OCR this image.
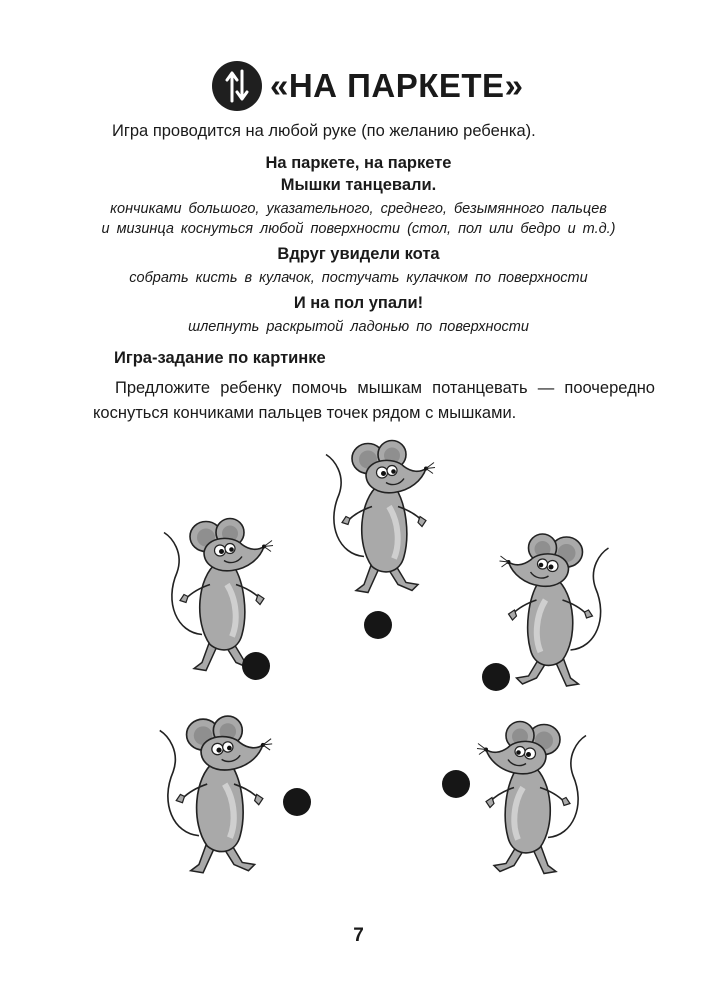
«НА ПАРКЕТЕ»
Игра проводится на любой руке (по желанию ребенка).
На паркете, на паркете
Мышки танцевали.
кончиками большого, указательного, среднего, безымянного пальцев
и мизинца коснуться любой поверхности (стол, пол или бедро и т.д.)
Вдруг увидели кота
собрать кисть в кулачок, постучать кулачком по поверхности
И на пол упали!
шлепнуть раскрытой ладонью по поверхности
Игра-задание по картинке
Предложите ребенку помочь мышкам потанцевать — поочередно коснуться кончиками пальцев точек рядом с мышками.
7
